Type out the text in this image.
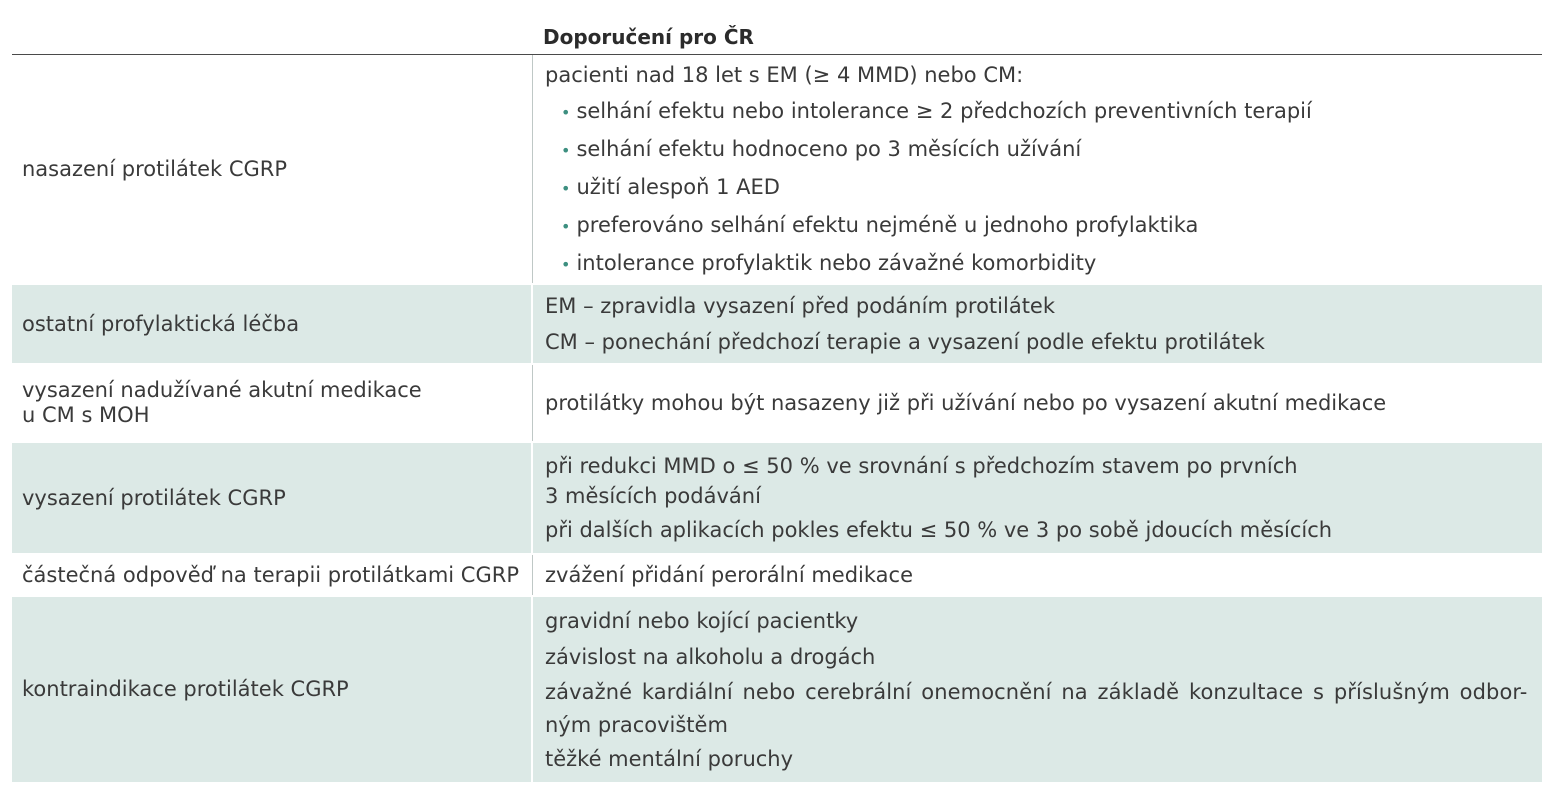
Doporučení pro ČR
nasazení protilátek CGRP
pacienti nad 18 let s EM (≥ 4 MMD) nebo CM:
• selhání efektu nebo intolerance ≥ 2 předchozích preventivních terapií
• selhání efektu hodnoceno po 3 měsících užívání
• užití alespoň 1 AED
• preferováno selhání efektu nejméně u jednoho profylaktika
• intolerance profylaktik nebo závažné komorbidity
ostatní profylaktická léčba
EM – zpravidla vysazení před podáním protilátek
CM – ponechání předchozí terapie a vysazení podle efektu protilátek
vysazení nadužívané akutní medikace
u CM s MOH	protilátky mohou být nasazeny již při užívání nebo po vysazení akutní medikace
vysazení protilátek CGRP
při redukci MMD o ≤ 50 % ve srovnání s předchozím stavem po prvních
3 měsících podávání
při dalších aplikacích pokles efektu ≤ 50 % ve 3 po sobě jdoucích měsících
částečná odpověď na terapii protilátkami CGRP	zvážení přidání perorální medikace
kontraindikace protilátek CGRP
gravidní nebo kojící pacientky
závislost na alkoholu a drogách
závažné kardiální nebo cerebrální onemocnění na základě konzultace s příslušným odbor-
ným pracovištěm
těžké mentální poruchy
